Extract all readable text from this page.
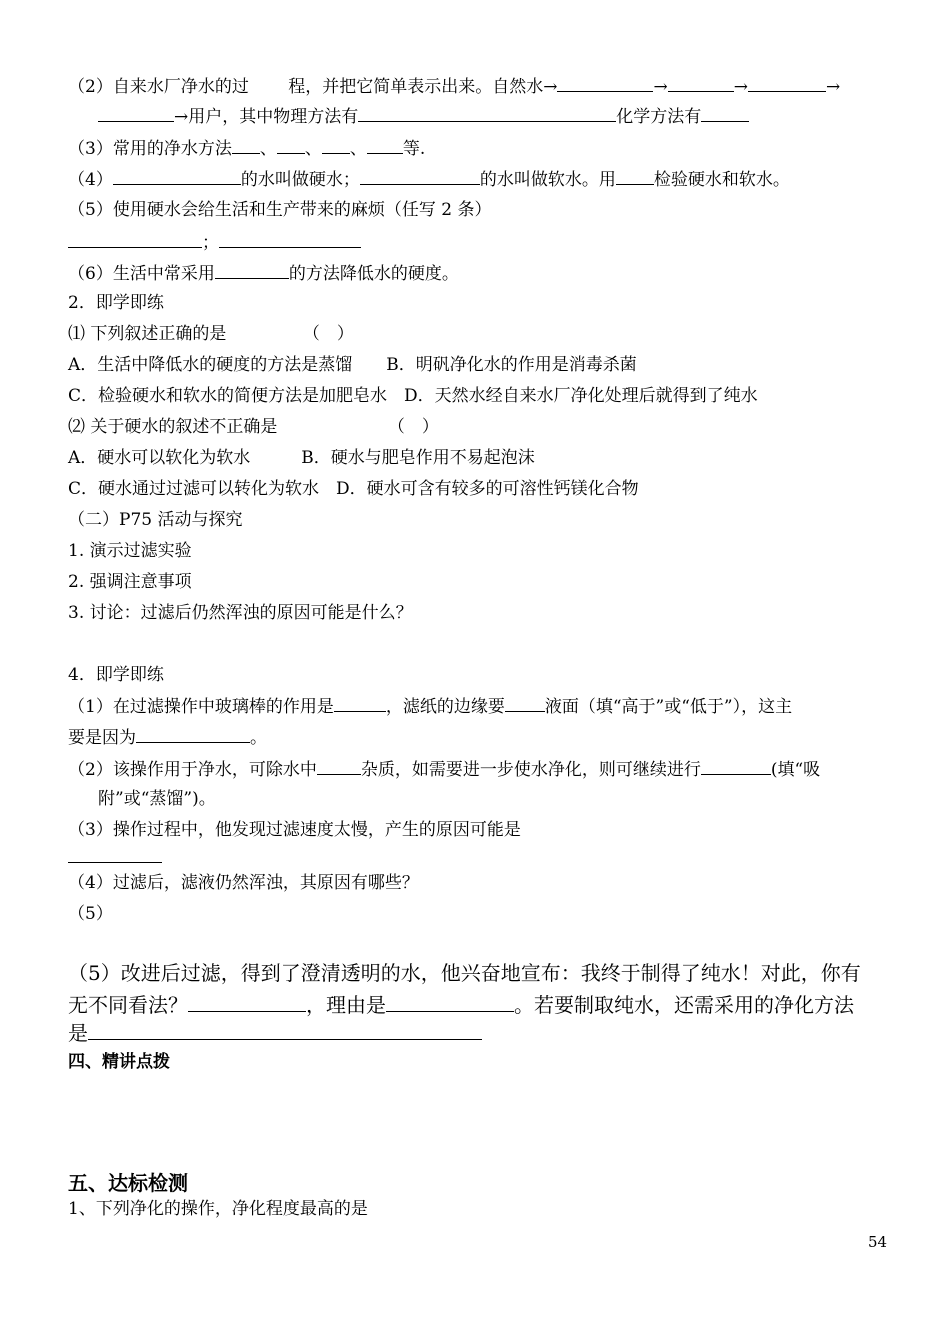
（2）自来水厂净水的过　　 程，并把它简单表示出来。自然水→	→	→	→
→用户，其中物理方法有	化学方法有
（3）常用的净水方法 、 、 、 等.
（4）	的水叫做硬水；	的水叫做软水。用 检验硬水和软水。
（5）使用硬水会给生活和生产带来的麻烦（任写 2 条）
；
（6）生活中常采用	的方法降低水的硬度。
2．即学即练
⑴ 下列叙述正确的是　　　　　（　）
A．生活中降低水的硬度的方法是蒸馏　　B．明矾净化水的作用是消毒杀菌
C．检验硬水和软水的简便方法是加肥皂水　D．天然水经自来水厂净化处理后就得到了纯水
⑵ 关于硬水的叙述不正确是　　　　　　　（　）
A．硬水可以软化为软水　　　B．硬水与肥皂作用不易起泡沫
C．硬水通过过滤可以转化为软水　D．硬水可含有较多的可溶性钙镁化合物
（二）P75 活动与探究
1. 演示过滤实验
2. 强调注意事项
3. 讨论：过滤后仍然浑浊的原因可能是什么？
4．即学即练
（1）在过滤操作中玻璃棒的作用是	，滤纸的边缘要 液面（填“高于”或“低于”），这主
要是因为	。
（2）该操作用于净水，可除水中	杂质，如需要进一步使水净化，则可继续进行	(填“吸
附”或“蒸馏”)。
（3）操作过程中，他发现过滤速度太慢，产生的原因可能是
（4）过滤后，滤液仍然浑浊，其原因有哪些？
（5）
（5）改进后过滤，得到了澄清透明的水，他兴奋地宣布：我终于制得了纯水！对此，你有
无不同看法？	，理由是	。若要制取纯水，还需采用的净化方法
是
四、精讲点拨
五、达标检测
1、下列净化的操作，净化程度最高的是
54
